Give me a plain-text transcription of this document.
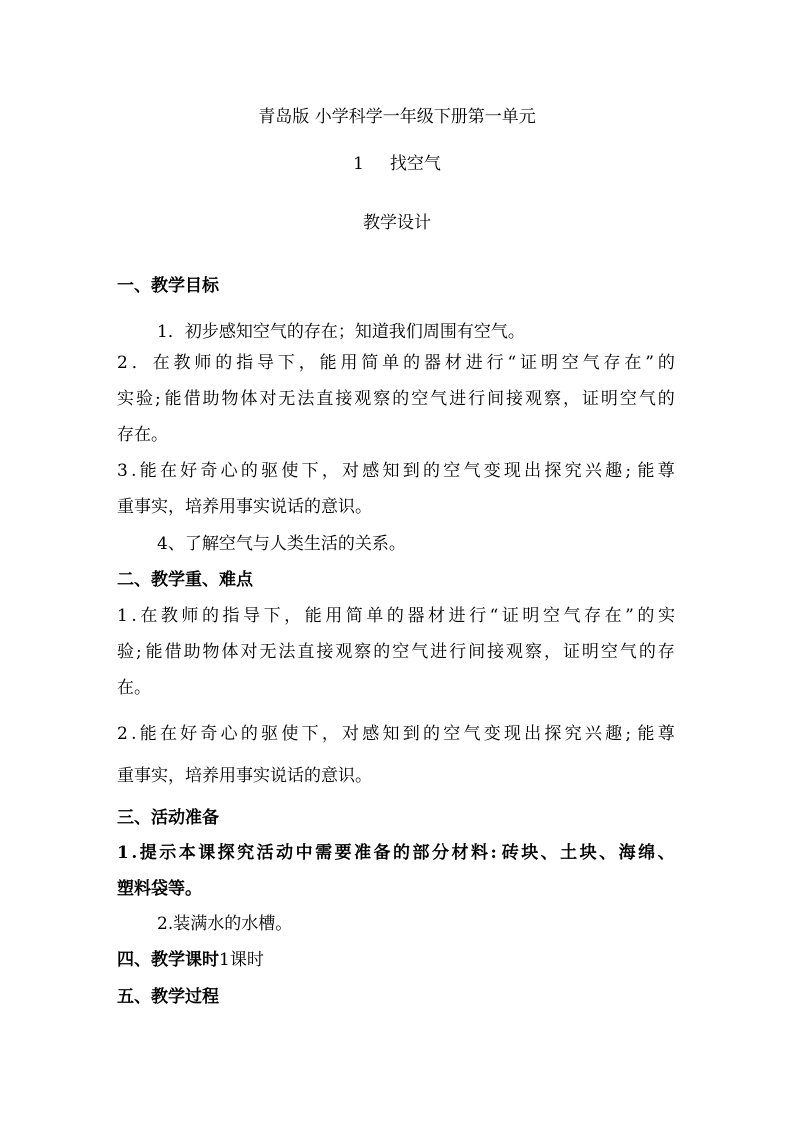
青岛版 小学科学一年级下册第一单元
1 找空气
教学设计
一、教学目标
1．初步感知空气的存在；知道我们周围有空气。
2 ． 在 教 师 的 指 导 下 ， 能 用 简 单 的 器 材 进 行 “ 证 明 空 气 存 在 ” 的
实 验 ; 能 借 助 物 体 对 无 法 直 接 观 察 的 空 气 进 行 间 接 观 察 ， 证 明 空 气 的
存在。
3 . 能 在 好 奇 心 的 驱 使 下 ， 对 感 知 到 的 空 气 变 现 出 探 究 兴 趣 ; 能 尊
重事实，培养用事实说话的意识。
4、了解空气与人类生活的关系。
二、教学重、难点
1 . 在 教 师 的 指 导 下 ， 能 用 简 单 的 器 材 进 行 “ 证 明 空 气 存 在 ” 的 实
验 ; 能 借 助 物 体 对 无 法 直 接 观 察 的 空 气 进 行 间 接 观 察 ， 证 明 空 气 的 存
在。
2 . 能 在 好 奇 心 的 驱 使 下 ， 对 感 知 到 的 空 气 变 现 出 探 究 兴 趣 ; 能 尊
重事实，培养用事实说话的意识。
三、活动准备
1 . 提 示 本 课 探 究 活 动 中 需 要 准 备 的 部 分 材 料 : 砖 块 、 土 块 、 海 绵 、
塑料袋等。
2.装满水的水槽。
四、教学课时1课时
五、教学过程
